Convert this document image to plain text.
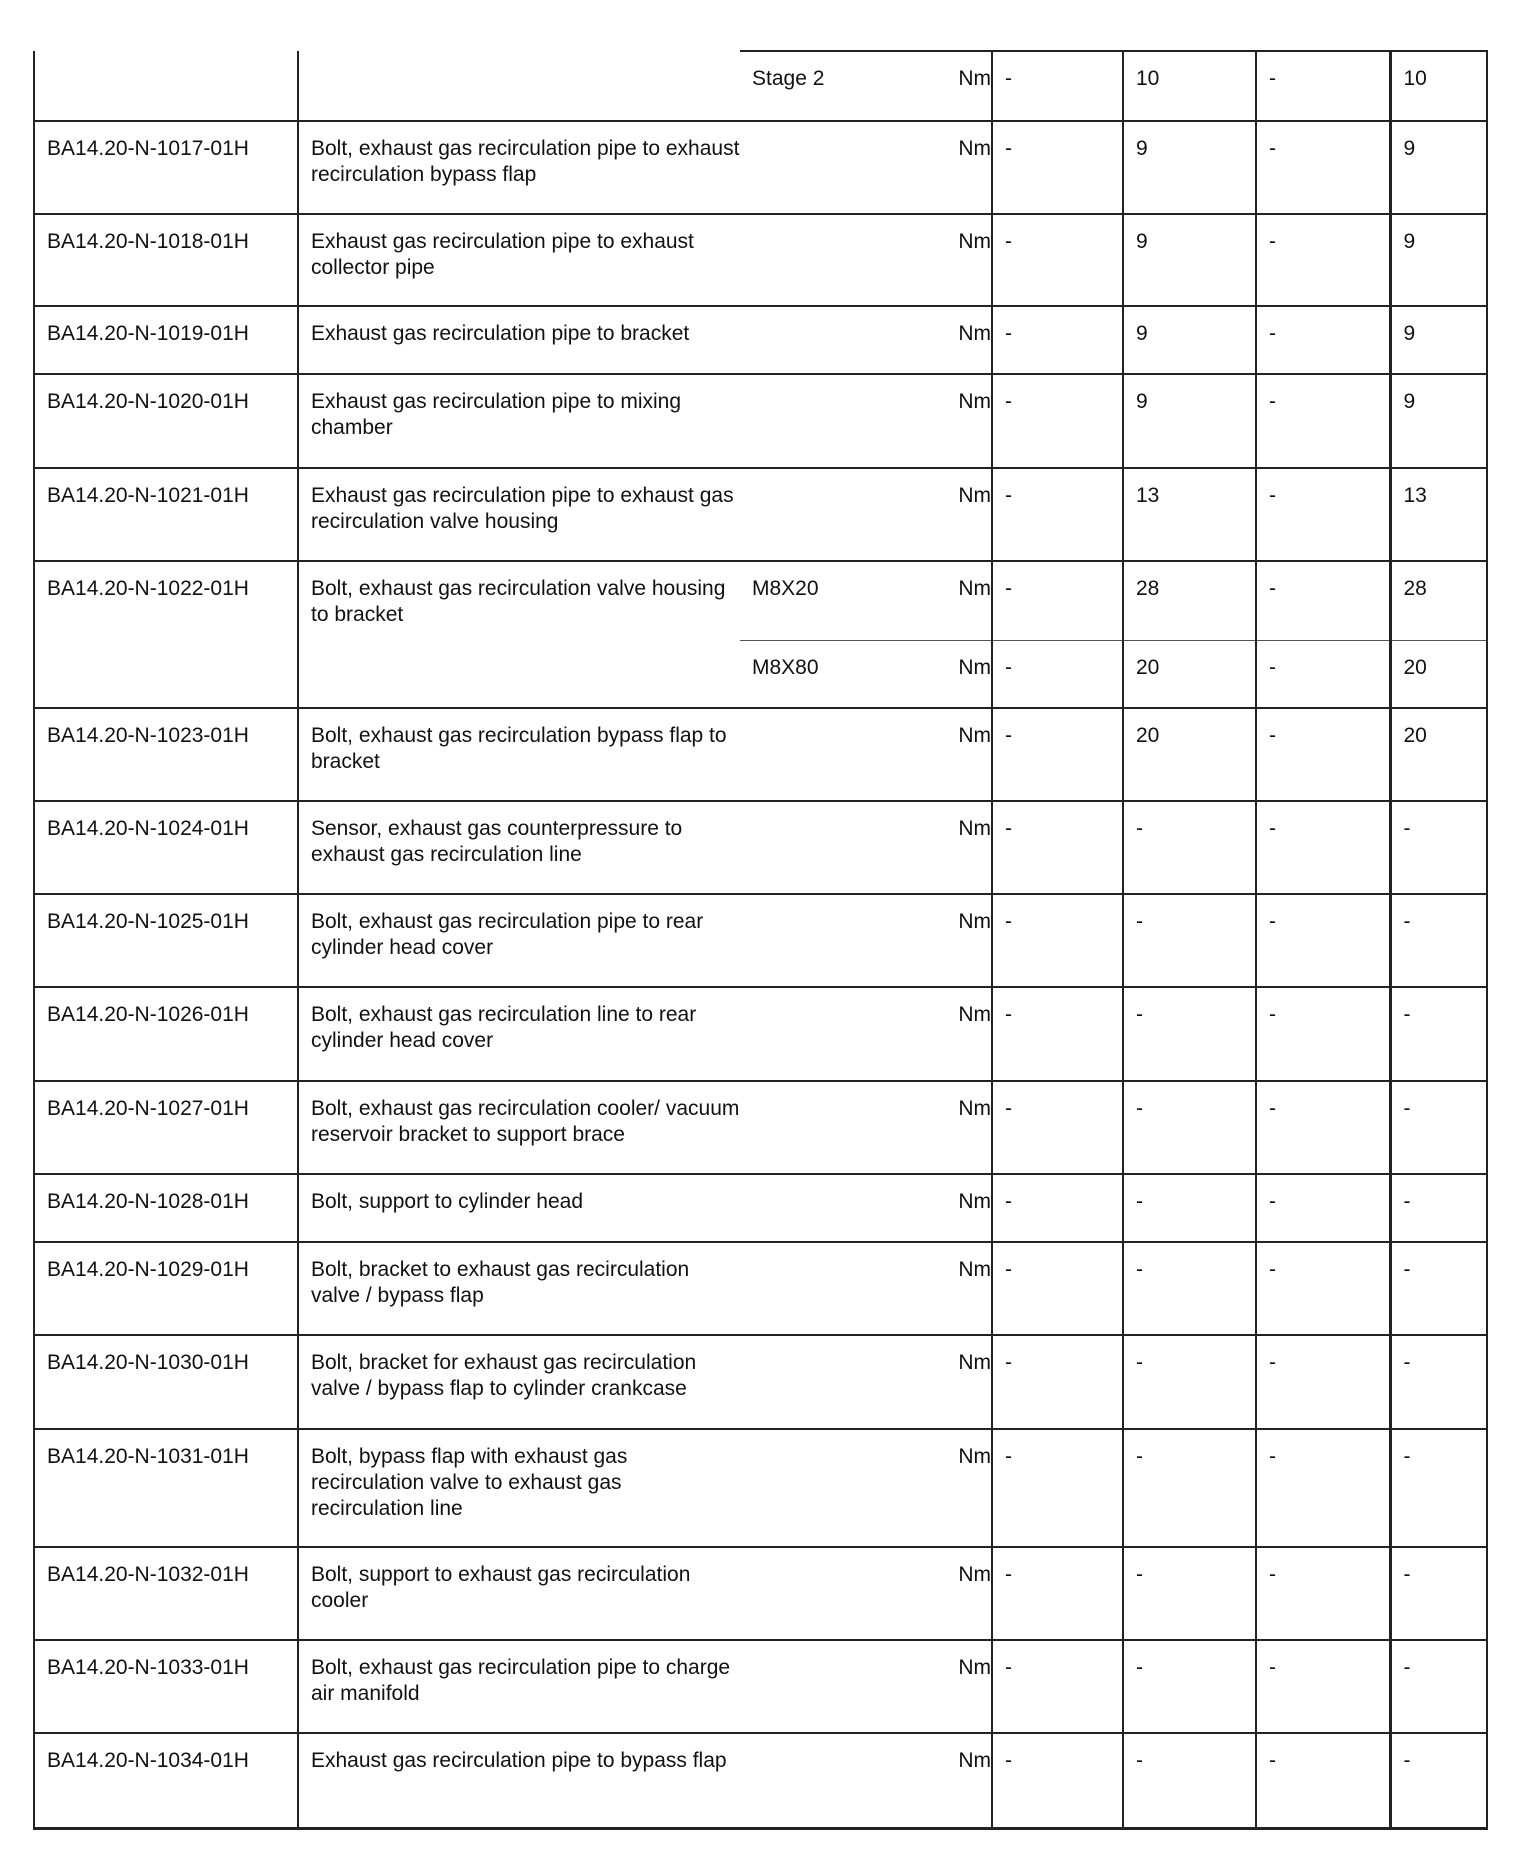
		Stage 2	Nm	-	10	-	10
BA14.20-N-1017-01H	Bolt, exhaust gas recirculation pipe to exhaust recirculation bypass flap		Nm	-	9	-	9
BA14.20-N-1018-01H	Exhaust gas recirculation pipe to exhaust collector pipe		Nm	-	9	-	9
BA14.20-N-1019-01H	Exhaust gas recirculation pipe to bracket		Nm	-	9	-	9
BA14.20-N-1020-01H	Exhaust gas recirculation pipe to mixing chamber		Nm	-	9	-	9
BA14.20-N-1021-01H	Exhaust gas recirculation pipe to exhaust gas recirculation valve housing		Nm	-	13	-	13
BA14.20-N-1022-01H	Bolt, exhaust gas recirculation valve housing to bracket	M8X20	Nm	-	28	-	28
		M8X80	Nm	-	20	-	20
BA14.20-N-1023-01H	Bolt, exhaust gas recirculation bypass flap to bracket		Nm	-	20	-	20
BA14.20-N-1024-01H	Sensor, exhaust gas counterpressure to exhaust gas recirculation line		Nm	-	-	-	-
BA14.20-N-1025-01H	Bolt, exhaust gas recirculation pipe to rear cylinder head cover		Nm	-	-	-	-
BA14.20-N-1026-01H	Bolt, exhaust gas recirculation line to rear cylinder head cover		Nm	-	-	-	-
BA14.20-N-1027-01H	Bolt, exhaust gas recirculation cooler/ vacuum reservoir bracket to support brace		Nm	-	-	-	-
BA14.20-N-1028-01H	Bolt, support to cylinder head		Nm	-	-	-	-
BA14.20-N-1029-01H	Bolt, bracket to exhaust gas recirculation valve / bypass flap		Nm	-	-	-	-
BA14.20-N-1030-01H	Bolt, bracket for exhaust gas recirculation valve / bypass flap to cylinder crankcase		Nm	-	-	-	-
BA14.20-N-1031-01H	Bolt, bypass flap with exhaust gas recirculation valve to exhaust gas recirculation line		Nm	-	-	-	-
BA14.20-N-1032-01H	Bolt, support to exhaust gas recirculation cooler		Nm	-	-	-	-
BA14.20-N-1033-01H	Bolt, exhaust gas recirculation pipe to charge air manifold		Nm	-	-	-	-
BA14.20-N-1034-01H	Exhaust gas recirculation pipe to bypass flap		Nm	-	-	-	-
